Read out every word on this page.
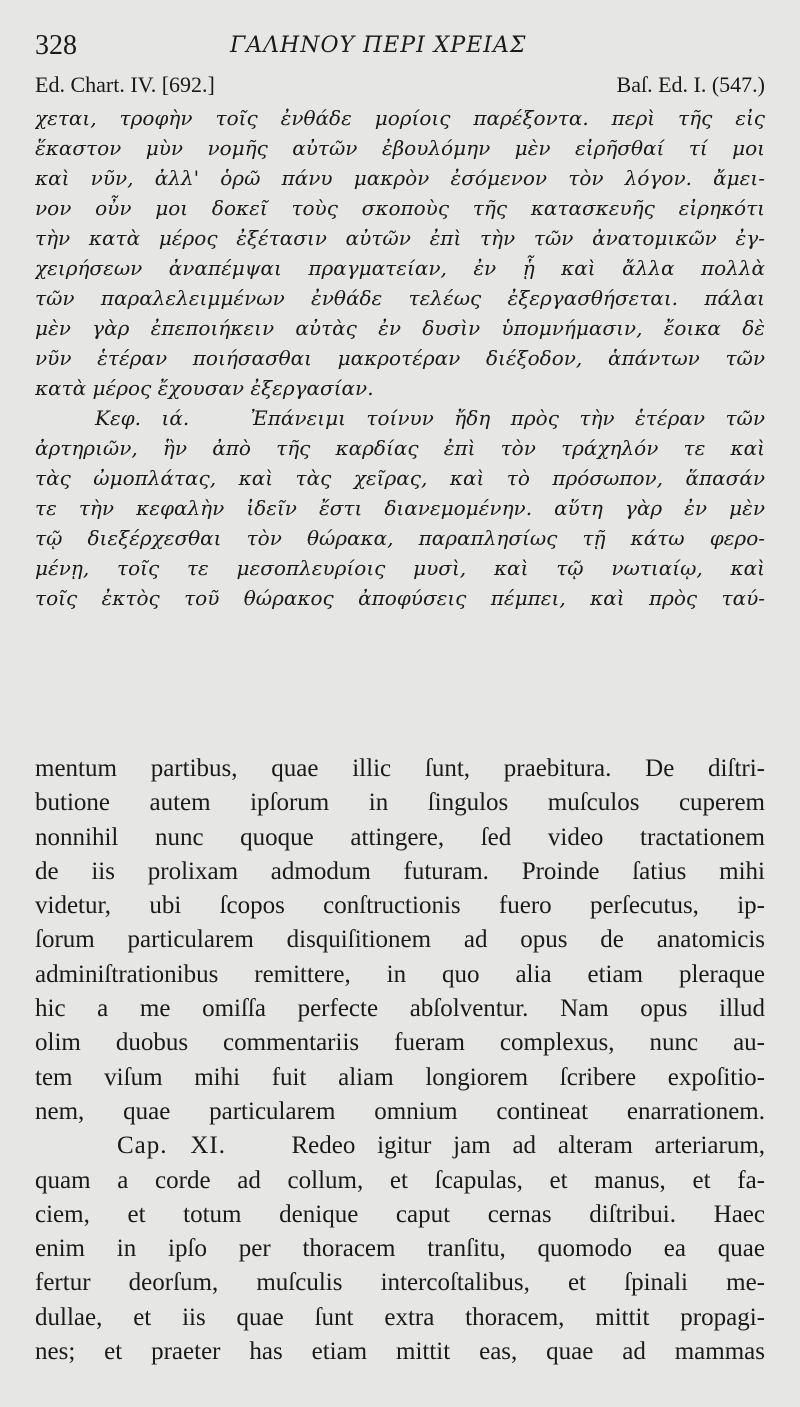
328	ΓΑΛΗΝΟΥ ΠΕΡΙ ΧΡΕΙΑΣ
Ed. Chart. IV. [692.]	Baſ. Ed. I. (547.)
χεται, τροφὴν τοῖς ἐνθάδε μορίοις παρέξοντα. περὶ τῆς εἰς
ἕκαστον μὺν νομῆς αὐτῶν ἐβουλόμην μὲν εἰρῆσθαί τί μοι
καὶ νῦν, ἀλλ' ὁρῶ πάνυ μακρὸν ἐσόμενον τὸν λόγον. ἄμει-
νον οὖν μοι δοκεῖ τοὺς σκοποὺς τῆς κατασκευῆς εἰρηκότι
τὴν κατὰ μέρος ἐξέτασιν αὐτῶν ἐπὶ τὴν τῶν ἀνατομικῶν ἐγ-
χειρήσεων ἀναπέμψαι πραγματείαν, ἐν ᾗ καὶ ἄλλα πολλὰ
τῶν παραλελειμμένων ἐνθάδε τελέως ἐξεργασθήσεται. πάλαι
μὲν γὰρ ἐπεποιήκειν αὐτὰς ἐν δυσὶν ὑπομνήμασιν, ἔοικα δὲ
νῦν ἑτέραν ποιήσασθαι μακροτέραν διέξοδον, ἁπάντων τῶν
κατὰ μέρος ἔχουσαν ἐξεργασίαν.
Κεφ. ιά.	Ἐπάνειμι τοίνυν ἤδη πρὸς τὴν ἑτέραν τῶν
ἀρτηριῶν, ἣν ἀπὸ τῆς καρδίας ἐπὶ τὸν τράχηλόν τε καὶ
τὰς ὠμοπλάτας, καὶ τὰς χεῖρας, καὶ τὸ πρόσωπον, ἅπασάν
τε τὴν κεφαλὴν ἰδεῖν ἔστι διανεμομένην. αὕτη γὰρ ἐν μὲν
τῷ διεξέρχεσθαι τὸν θώρακα, παραπλησίως τῇ κάτω φερο-
μένῃ, τοῖς τε μεσοπλευρίοις μυσὶ, καὶ τῷ νωτιαίῳ, καὶ
τοῖς ἐκτὸς τοῦ θώρακος ἀποφύσεις πέμπει, καὶ πρὸς ταύ-
mentum partibus, quae illic ſunt, praebitura. De diſtri-
butione autem ipſorum in ſingulos muſculos cuperem
nonnihil nunc quoque attingere, ſed video tractationem
de iis prolixam admodum futuram. Proinde ſatius mihi
videtur, ubi ſcopos conſtructionis fuero perſecutus, ip-
ſorum particularem disquiſitionem ad opus de anatomicis
adminiſtrationibus remittere, in quo alia etiam pleraque
hic a me omiſſa perfecte abſolventur. Nam opus illud
olim duobus commentariis fueram complexus, nunc au-
tem viſum mihi fuit aliam longiorem ſcribere expoſitio-
nem, quae particularem omnium contineat enarrationem.
Cap. XI.	Redeo igitur jam ad alteram arteriarum,
quam a corde ad collum, et ſcapulas, et manus, et fa-
ciem, et totum denique caput cernas diſtribui. Haec
enim in ipſo per thoracem tranſitu, quomodo ea quae
fertur deorſum, muſculis intercoſtalibus, et ſpinali me-
dullae, et iis quae ſunt extra thoracem, mittit propagi-
nes; et praeter has etiam mittit eas, quae ad mammas
